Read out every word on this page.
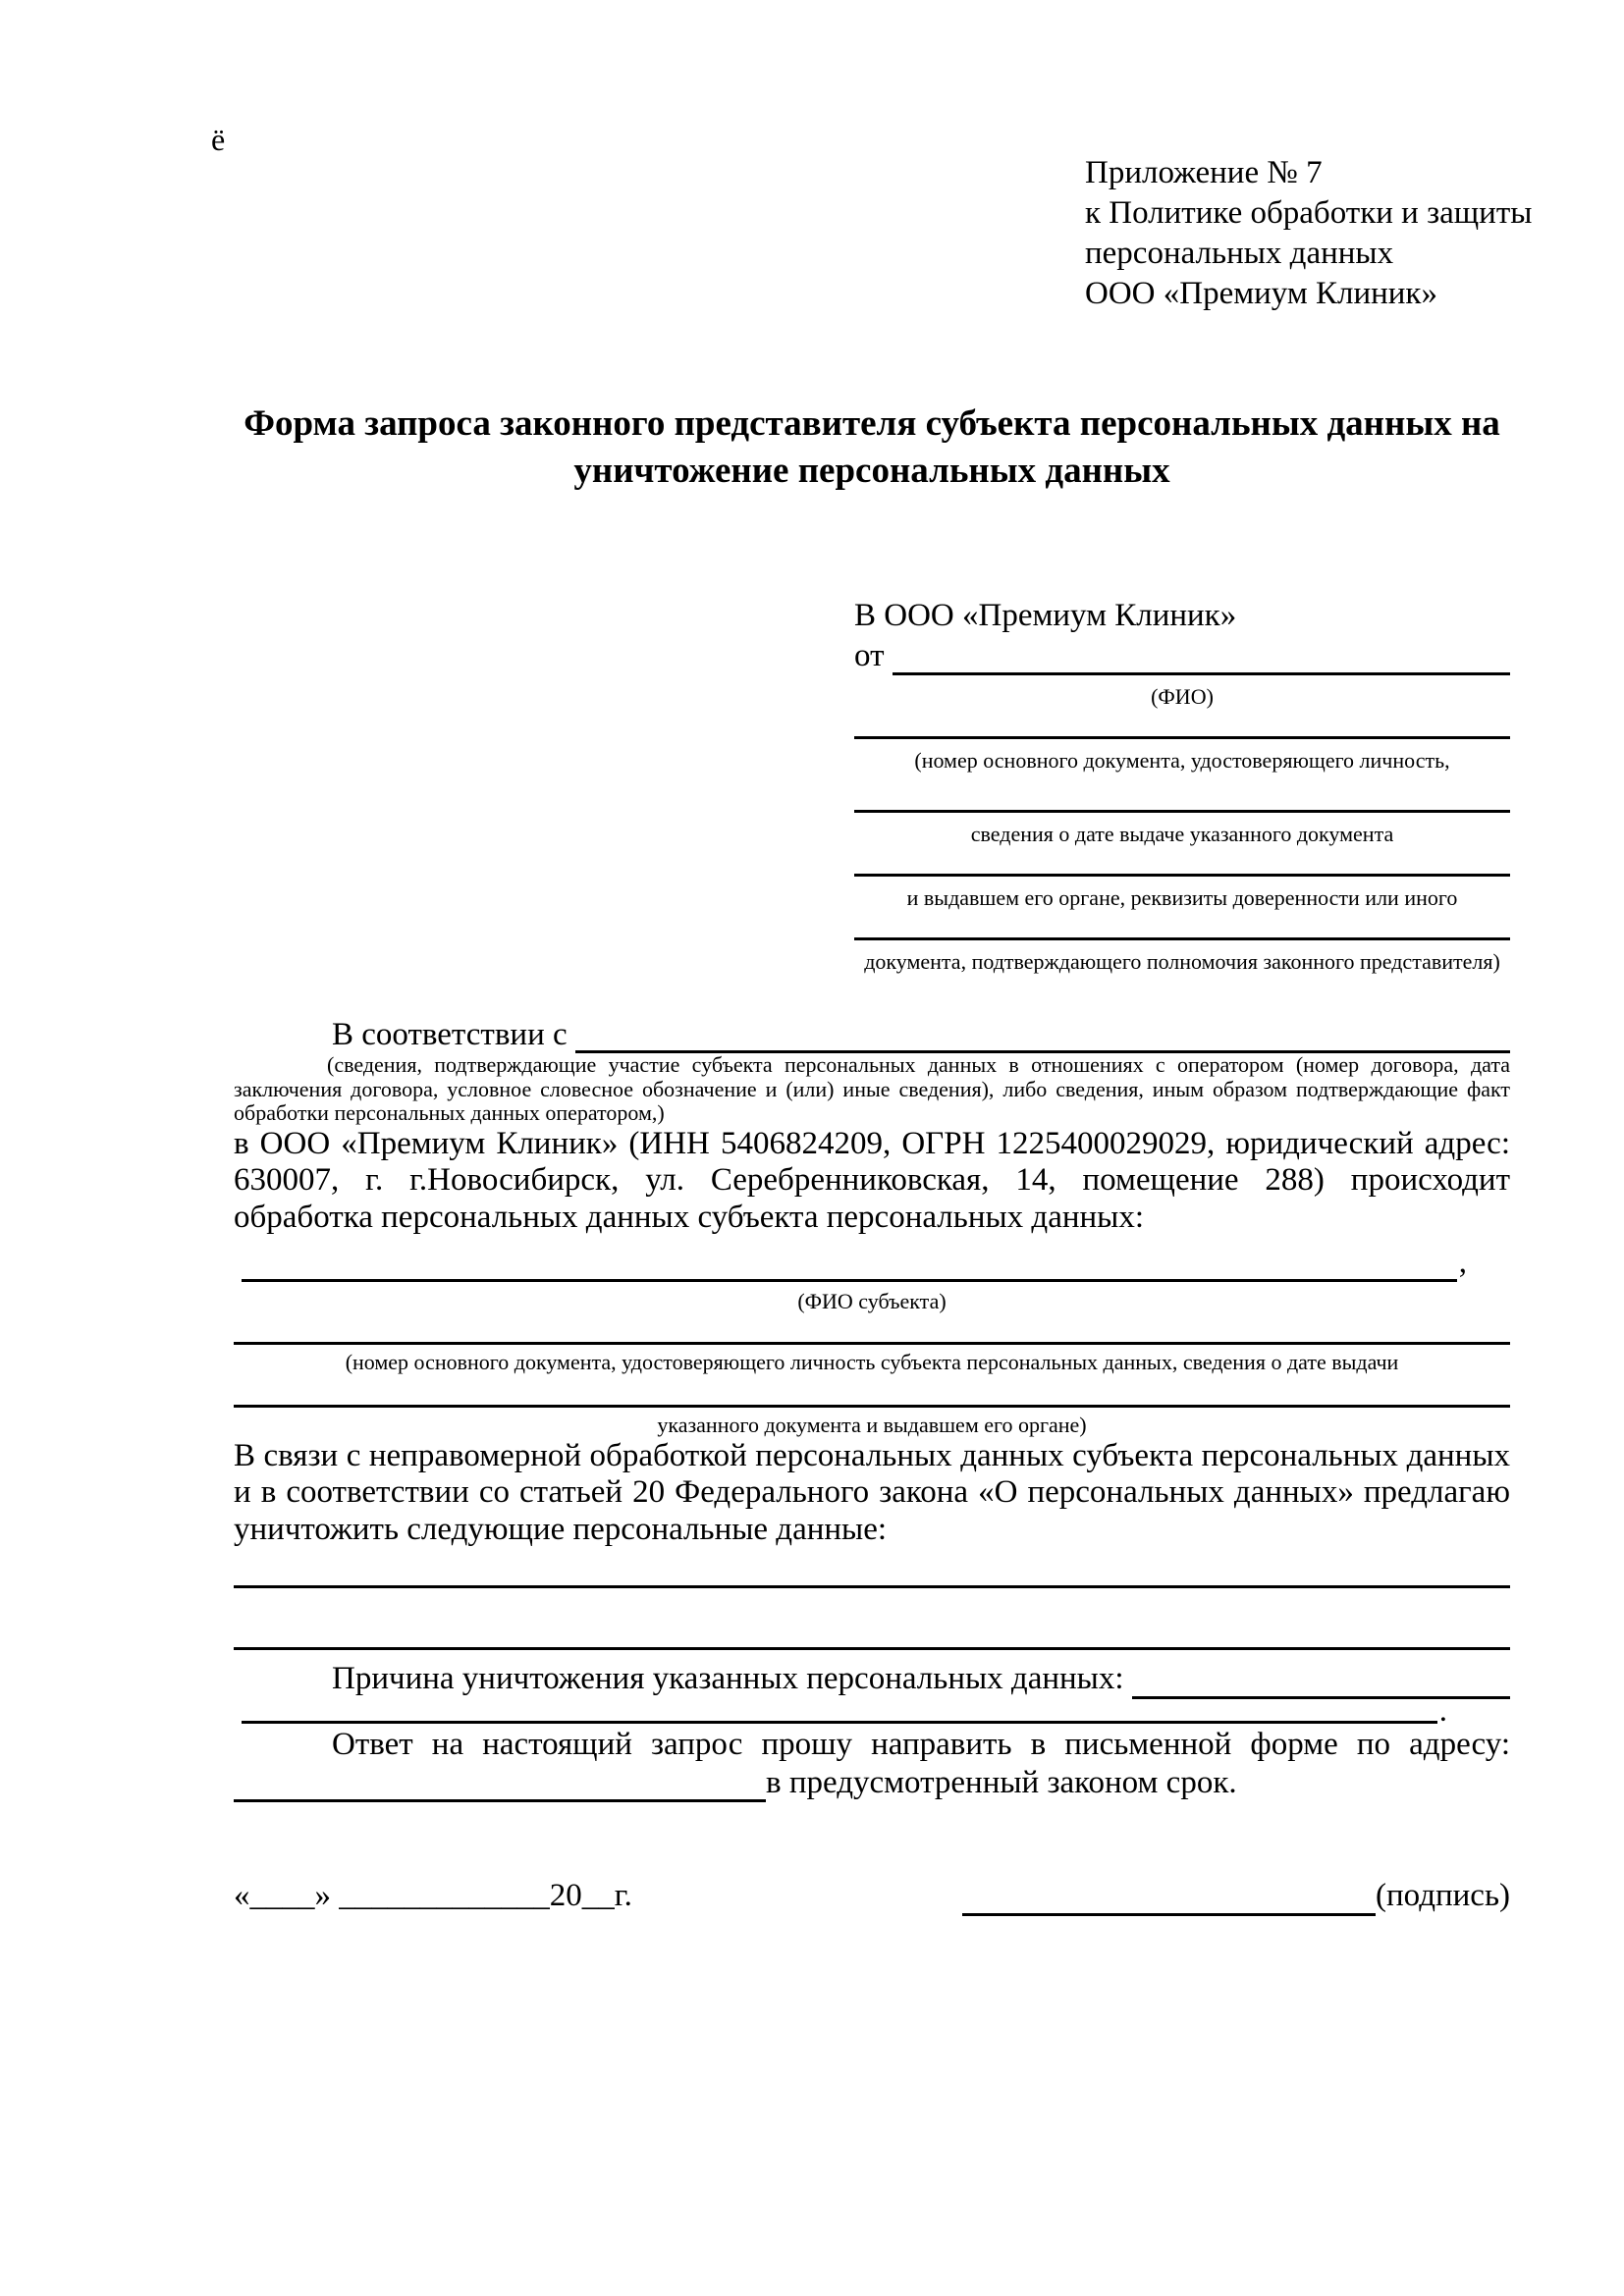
ё
Приложение № 7
к Политике обработки и защиты
персональных данных
ООО «Премиум Клиник»
Форма запроса законного представителя субъекта персональных данных на уничтожение персональных данных
В ООО «Премиум Клиник»
от
(ФИО)
(номер основного документа, удостоверяющего личность,
сведения о дате выдаче указанного документа
и выдавшем его органе, реквизиты доверенности или иного
документа, подтверждающего полномочия законного представителя)
В соответствии с

(сведения, подтверждающие участие субъекта персональных данных в отношениях с оператором (номер договора, дата заключения договора, условное словесное обозначение и (или) иные сведения), либо сведения, иным образом подтверждающие факт обработки персональных данных оператором,)

в ООО «Премиум Клиник» (ИНН 5406824209, ОГРН 1225400029029, юридический адрес: 630007, г. г.Новосибирск, ул. Серебренниковская, 14, помещение 288) происходит обработка персональных данных субъекта персональных данных:

,
(ФИО субъекта)
(номер основного документа, удостоверяющего личность субъекта персональных данных, сведения о дате выдачи
указанного документа и выдавшем его органе)

В связи с неправомерной обработкой персональных данных субъекта персональных данных и в соответствии со статьей 20 Федерального закона «О персональных данных» предлагаю уничтожить следующие персональные данные:

Причина уничтожения указанных персональных данных:
.

Ответ на настоящий запрос прошу направить в письменной форме по адресу:

в предусмотренный законом срок.
«____» _____________20__г.	(подпись)
